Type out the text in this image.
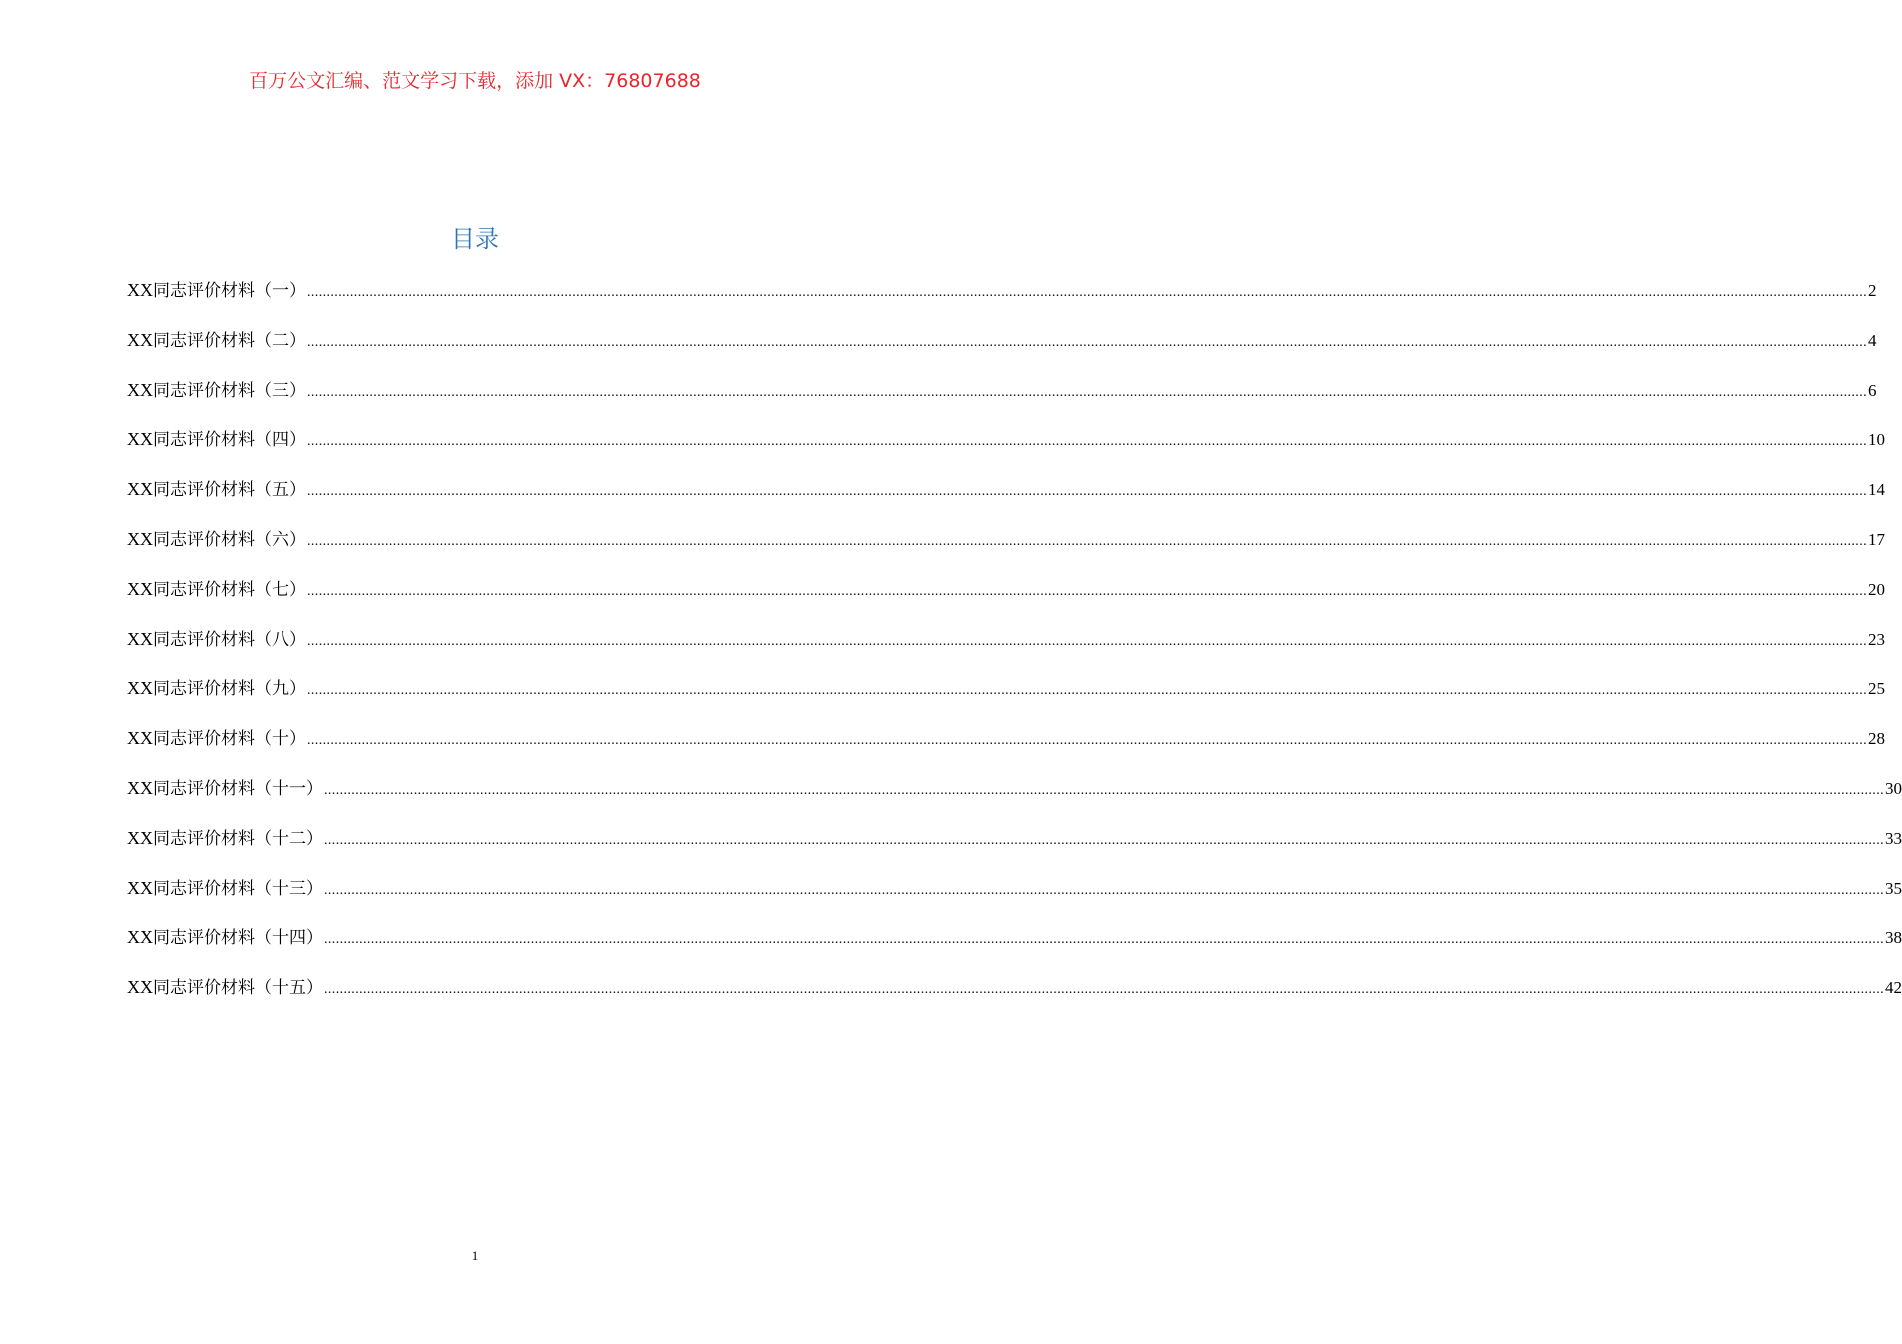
百万公文汇编、范文学习下载，添加 VX：76807688
目录
XX同志评价材料（一） ................................................................................................................................................................................................................................................................................................................................................................................................................ 2
XX同志评价材料（二） ................................................................................................................................................................................................................................................................................................................................................................................................................ 4
XX同志评价材料（三） ................................................................................................................................................................................................................................................................................................................................................................................................................ 6
XX同志评价材料（四） ................................................................................................................................................................................................................................................................................................................................................................................................................ 10
XX同志评价材料（五） ................................................................................................................................................................................................................................................................................................................................................................................................................ 14
XX同志评价材料（六） ................................................................................................................................................................................................................................................................................................................................................................................................................ 17
XX同志评价材料（七） ................................................................................................................................................................................................................................................................................................................................................................................................................ 20
XX同志评价材料（八） ................................................................................................................................................................................................................................................................................................................................................................................................................ 23
XX同志评价材料（九） ................................................................................................................................................................................................................................................................................................................................................................................................................ 25
XX同志评价材料（十） ................................................................................................................................................................................................................................................................................................................................................................................................................ 28
XX同志评价材料（十一） ................................................................................................................................................................................................................................................................................................................................................................................................................ 30
XX同志评价材料（十二） ................................................................................................................................................................................................................................................................................................................................................................................................................ 33
XX同志评价材料（十三） ................................................................................................................................................................................................................................................................................................................................................................................................................ 35
XX同志评价材料（十四） ................................................................................................................................................................................................................................................................................................................................................................................................................ 38
XX同志评价材料（十五） ................................................................................................................................................................................................................................................................................................................................................................................................................ 42
1
